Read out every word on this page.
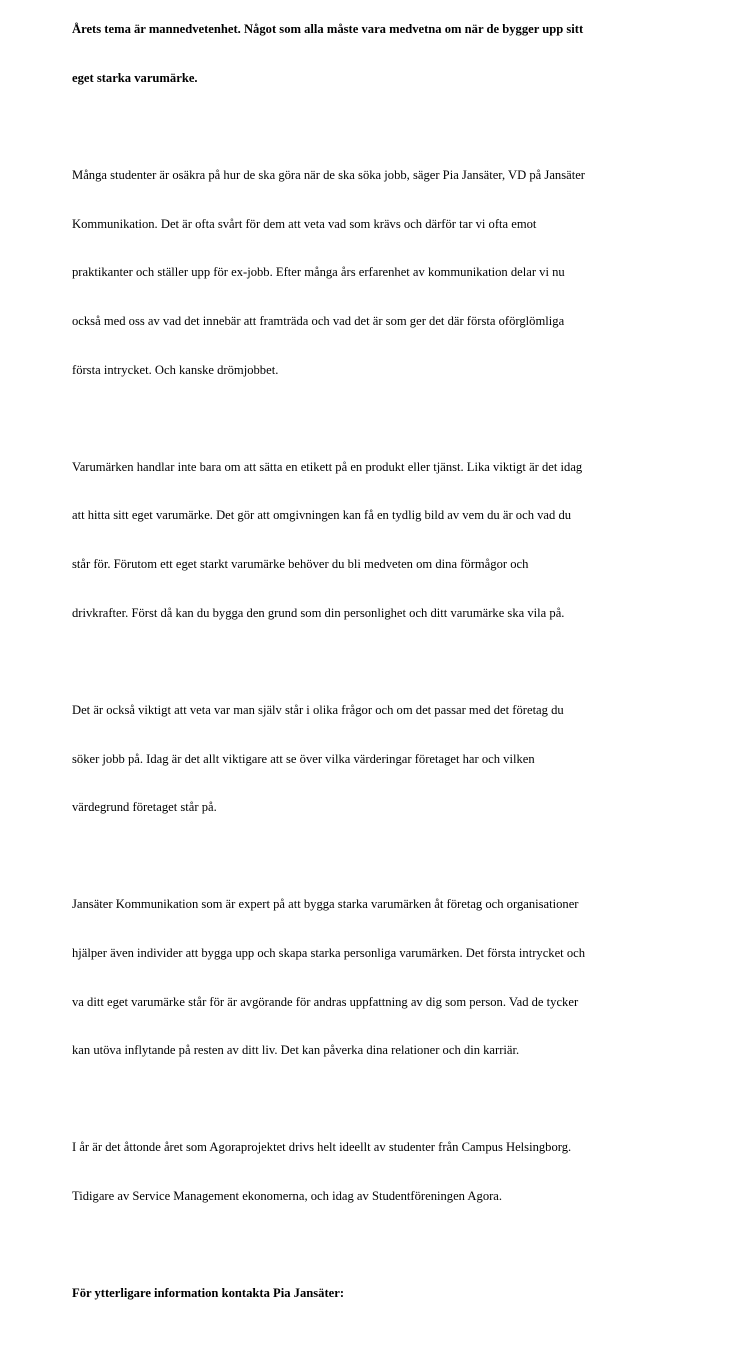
Årets tema är mannedvetenhet. Något som alla måste vara medvetna om när de bygger upp sitt

eget starka varumärke.

Många studenter är osäkra på hur de ska göra när de ska söka jobb, säger Pia Jansäter, VD på Jansäter

Kommunikation. Det är ofta svårt för dem att veta vad som krävs och därför tar vi ofta emot

praktikanter och ställer upp för ex-jobb. Efter många års erfarenhet av kommunikation delar vi nu

också med oss av vad det innebär att framträda och vad det är som ger det där första oförglömliga

första intrycket. Och kanske drömjobbet.

Varumärken handlar inte bara om att sätta en etikett på en produkt eller tjänst. Lika viktigt är det idag

att hitta sitt eget varumärke. Det gör att omgivningen kan få en tydlig bild av vem du är och vad du

står för. Förutom ett eget starkt varumärke behöver du bli medveten om dina förmågor och

drivkrafter. Först då kan du bygga den grund som din personlighet och ditt varumärke ska vila på.

Det är också viktigt att veta var man själv står i olika frågor och om det passar med det företag du

söker jobb på. Idag är det allt viktigare att se över vilka värderingar företaget har och vilken

värdegrund företaget står på.

Jansäter Kommunikation som är expert på att bygga starka varumärken åt företag och organisationer

hjälper även individer att bygga upp och skapa starka personliga varumärken. Det första intrycket och

va ditt eget varumärke står för är avgörande för andras uppfattning av dig som person. Vad de tycker

kan utöva inflytande på resten av ditt liv. Det kan påverka dina relationer och din karriär.

I år är det åttonde året som Agoraprojektet drivs helt ideellt av studenter från Campus Helsingborg.

Tidigare av Service Management ekonomerna, och idag av Studentföreningen Agora.

För ytterligare information kontakta Pia Jansäter:
